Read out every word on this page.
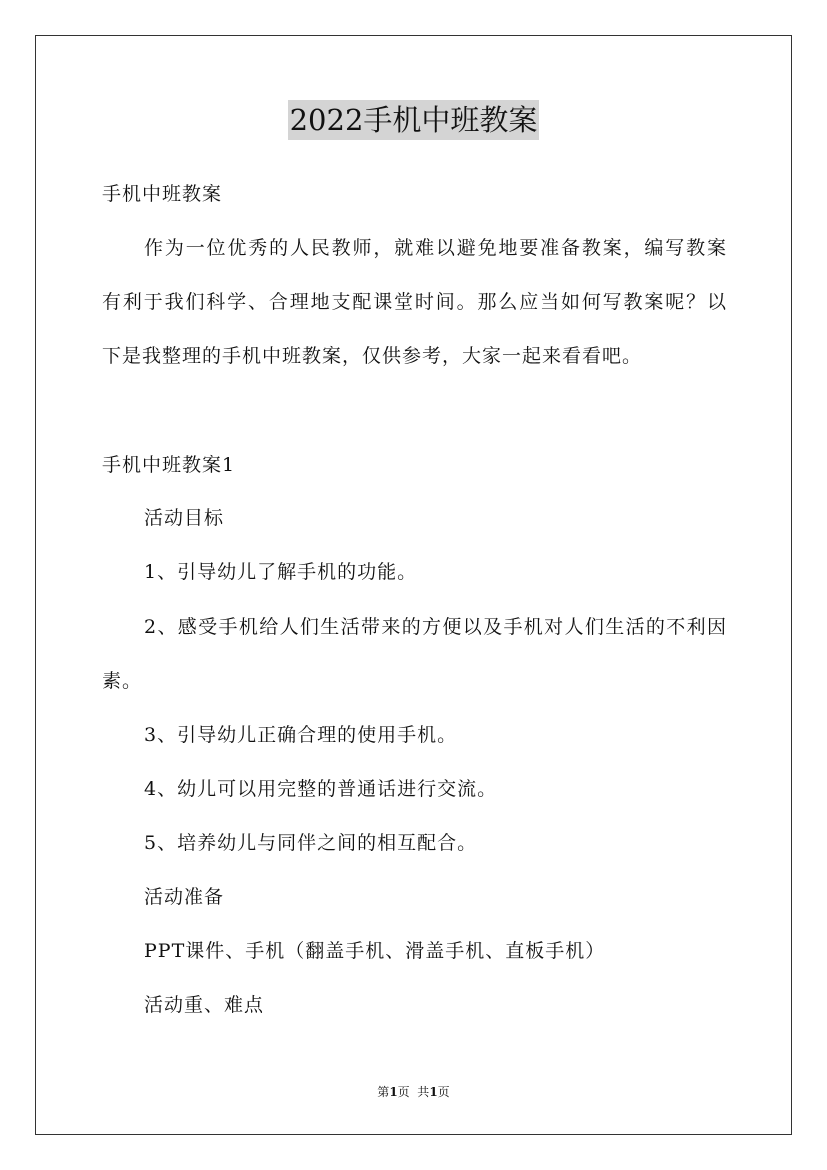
2022手机中班教案
手机中班教案
作为一位优秀的人民教师，就难以避免地要准备教案，编写教案
有利于我们科学、合理地支配课堂时间。那么应当如何写教案呢？以
下是我整理的手机中班教案，仅供参考，大家一起来看看吧。
手机中班教案1
活动目标
1、引导幼儿了解手机的功能。
2、感受手机给人们生活带来的方便以及手机对人们生活的不利因
素。
3、引导幼儿正确合理的使用手机。
4、幼儿可以用完整的普通话进行交流。
5、培养幼儿与同伴之间的相互配合。
活动准备
PPT课件、手机（翻盖手机、滑盖手机、直板手机）
活动重、难点
第1页  共1页
